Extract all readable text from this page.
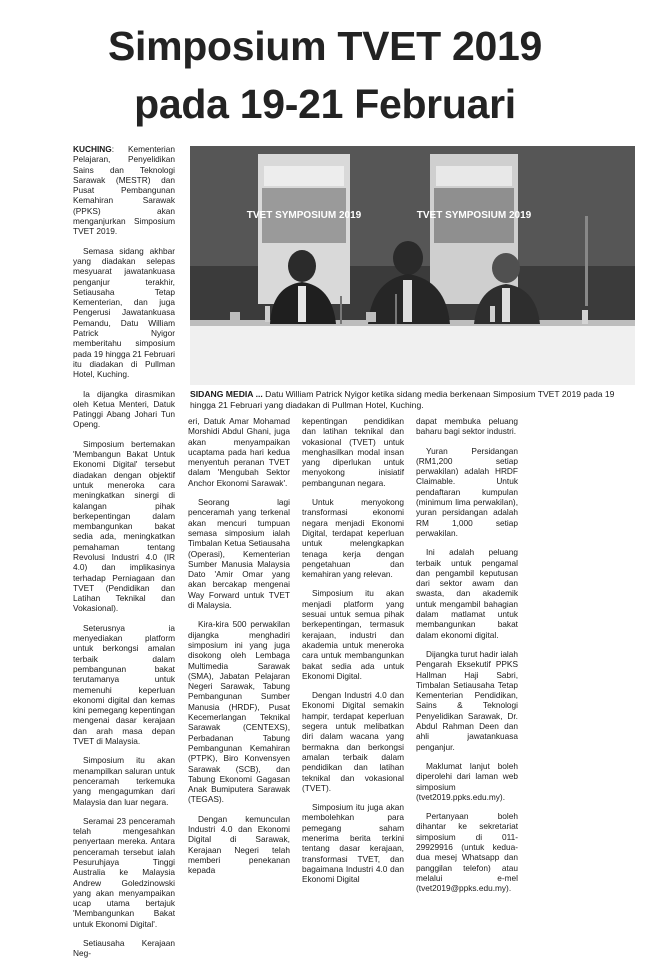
Simposium TVET 2019
pada 19-21 Februari

KUCHING: Kementerian Pelajaran, Penyelidikan Sains dan Teknologi Sarawak (MESTR) dan Pusat Pembangunan Kemahiran Sarawak (PPKS) akan menganjurkan Simposium TVET 2019.

Semasa sidang akhbar yang diadakan selepas mesyuarat jawatankuasa penganjur terakhir, Setiausaha Tetap Kementerian, dan juga Pengerusi Jawatankuasa Pemandu, Datu William Patrick Nyigor memberitahu simposium pada 19 hingga 21 Februari itu diadakan di Pullman Hotel, Kuching.

Ia dijangka dirasmikan oleh Ketua Menteri, Datuk Patinggi Abang Johari Tun Openg.

Simposium bertemakan 'Membangun Bakat Untuk Ekonomi Digital' tersebut diadakan dengan objektif untuk meneroka cara meningkatkan sinergi di kalangan pihak berkepentingan dalam membangunkan bakat sedia ada, meningkatkan pemahaman tentang Revolusi Industri 4.0 (IR 4.0) dan implikasinya terhadap Perniagaan dan TVET (Pendidikan dan Latihan Teknikal dan Vokasional).

Seterusnya ia menyediakan platform untuk berkongsi amalan terbaik dalam pembangunan bakat terutamanya untuk memenuhi keperluan ekonomi digital dan kemas kini pemegang kepentingan mengenai dasar kerajaan dan arah masa depan TVET di Malaysia.

Simposium itu akan menampilkan saluran untuk penceramah terkemuka yang mengagumkan dari Malaysia dan luar negara.

Seramai 23 penceramah telah mengesahkan penyertaan mereka. Antara penceramah tersebut ialah Pesuruhjaya Tinggi Australia ke Malaysia Andrew Goledzinowski yang akan menyampaikan ucap utama bertajuk 'Membangunkan Bakat untuk Ekonomi Digital'.

Setiausaha Kerajaan Neg-

TVET SYMPOSIUM 2019	TVET SYMPOSIUM 2019
SIDANG MEDIA ... Datu William Patrick Nyigor ketika sidang media berkenaan Simposium TVET 2019 pada 19 hingga 21 Februari yang diadakan di Pullman Hotel, Kuching.

eri, Datuk Amar Mohamad Morshidi Abdul Ghani, juga akan menyampaikan ucaptama pada hari kedua menyentuh peranan TVET dalam 'Mengubah Sektor Anchor Ekonomi Sarawak'.

Seorang lagi penceramah yang terkenal akan mencuri tumpuan semasa simposium ialah Timbalan Ketua Setiausaha (Operasi), Kementerian Sumber Manusia Malaysia Dato 'Amir Omar yang akan bercakap mengenai Way Forward untuk TVET di Malaysia.

Kira-kira 500 perwakilan dijangka menghadiri simposium ini yang juga disokong oleh Lembaga Multimedia Sarawak (SMA), Jabatan Pelajaran Negeri Sarawak, Tabung Pembangunan Sumber Manusia (HRDF), Pusat Kecemerlangan Teknikal Sarawak (CENTEXS), Perbadanan Tabung Pembangunan Kemahiran (PTPK), Biro Konvensyen Sarawak (SCB), dan Tabung Ekonomi Gagasan Anak Bumiputera Sarawak (TEGAS).

Dengan kemunculan Industri 4.0 dan Ekonomi Digital di Sarawak, Kerajaan Negeri telah memberi penekanan kepada

kepentingan pendidikan dan latihan teknikal dan vokasional (TVET) untuk menghasilkan modal insan yang diperlukan untuk menyokong inisiatif pembangunan negara.

Untuk menyokong transformasi ekonomi negara menjadi Ekonomi Digital, terdapat keperluan untuk melengkapkan tenaga kerja dengan pengetahuan dan kemahiran yang relevan.

Simposium itu akan menjadi platform yang sesuai untuk semua pihak berkepentingan, termasuk kerajaan, industri dan akademia untuk meneroka cara untuk membangunkan bakat sedia ada untuk Ekonomi Digital.

Dengan Industri 4.0 dan Ekonomi Digital semakin hampir, terdapat keperluan segera untuk melibatkan diri dalam wacana yang bermakna dan berkongsi amalan terbaik dalam pendidikan dan latihan teknikal dan vokasional (TVET).

Simposium itu juga akan membolehkan para pemegang saham menerima berita terkini tentang dasar kerajaan, transformasi TVET, dan bagaimana Industri 4.0 dan Ekonomi Digital

dapat membuka peluang baharu bagi sektor industri.

Yuran Persidangan (RM1,200 setiap perwakilan) adalah HRDF Claimable. Untuk pendaftaran kumpulan (minimum lima perwakilan), yuran persidangan adalah RM 1,000 setiap perwakilan.

Ini adalah peluang terbaik untuk pengamal dan pengambil keputusan dari sektor awam dan swasta, dan akademik untuk mengambil bahagian dalam matlamat untuk membangunkan bakat dalam ekonomi digital.

Dijangka turut hadir ialah Pengarah Eksekutif PPKS Hallman Haji Sabri, Timbalan Setiausaha Tetap Kementerian Pendidikan, Sains & Teknologi Penyelidikan Sarawak, Dr. Abdul Rahman Deen dan ahli jawatankuasa penganjur.

Maklumat lanjut boleh diperolehi dari laman web simposium (tvet2019.ppks.edu.my).

Pertanyaan boleh dihantar ke sekretariat simposium di 011-29929916 (untuk kedua-dua mesej Whatsapp dan panggilan telefon) atau melalui e-mel (tvet2019@ppks.edu.my).
